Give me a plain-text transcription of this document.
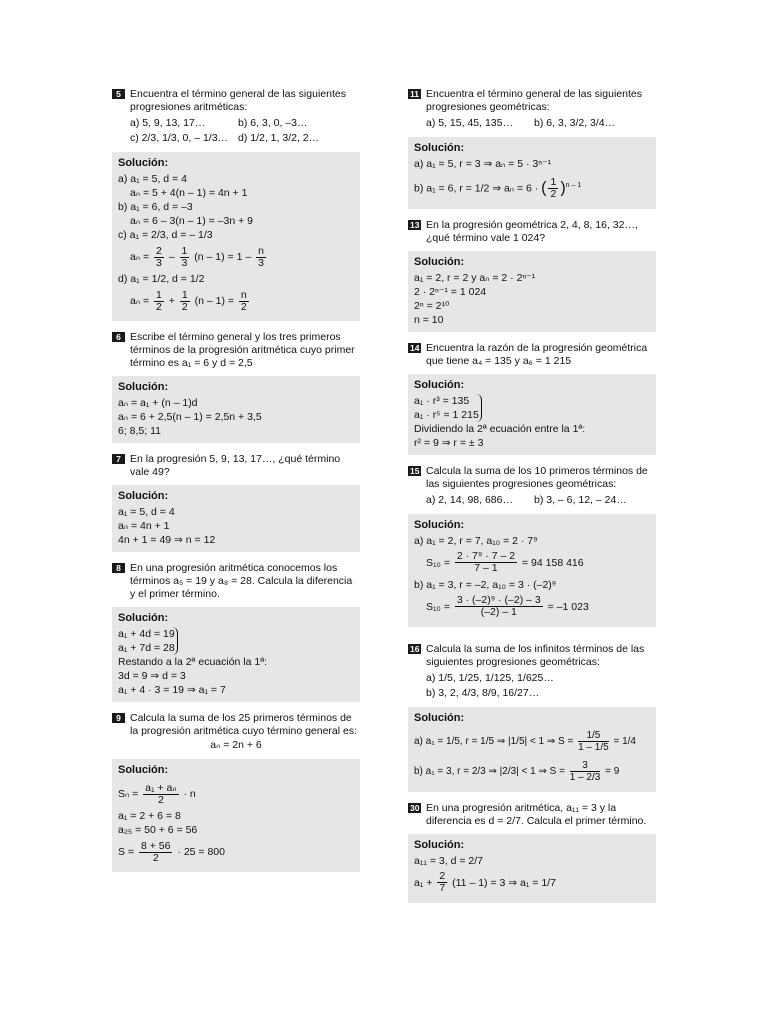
5 Encuentra el término general de las siguientes progresiones aritméticas:
a) 5, 9, 13, 17…	b) 6, 3, 0, –3…
c) 2/3, 1/3, 0, – 1/3… d) 1/2, 1, 3/2, 2…
Solución:
a) a₁ = 5, d = 4
aₙ = 5 + 4(n – 1) = 4n + 1
b) a₁ = 6, d = –3
aₙ = 6 – 3(n – 1) = –3n + 9
c) a₁ = 2/3, d = – 1/3
$a_n = \frac{2}{3} - \frac{1}{3} (n - 1) = 1 - \frac{n}{3}$
d) a₁ = 1/2, d = 1/2
$a_n = \frac{1}{2} + \frac{1}{2} (n - 1) = \frac{n}{2}$
6 Escribe el término general y los tres primeros términos de la progresión aritmética cuyo primer término es a₁ = 6 y d = 2,5
Solución:
aₙ = a₁ + (n – 1)d
aₙ = 6 + 2,5(n – 1) = 2,5n + 3,5
6; 8,5; 11
7 En la progresión 5, 9, 13, 17…, ¿qué término vale 49?
Solución:
a₁ = 5, d = 4
aₙ = 4n + 1
4n + 1 = 49 ⇒ n = 12
8 En una progresión aritmética conocemos los términos a₅ = 19 y a₈ = 28. Calcula la diferencia y el primer término.
Solución:
a₁ + 4d = 19
a₁ + 7d = 28
Restando a la 2ª ecuación la 1ª:
3d = 9 ⇒ d = 3
a₁ + 4 · 3 = 19 ⇒ a₁ = 7
9 Calcula la suma de los 25 primeros términos de la progresión aritmética cuyo término general es:
aₙ = 2n + 6
Solución:
$S_n = \frac{\text{a₁ + aₙ}}{2} \cdot n$
a₁ = 2 + 6 = 8
a₂₅ = 50 + 6 = 56
$S = \frac{8 + 56}{2} \cdot 25 = 800$
11 Encuentra el término general de las siguientes progresiones geométricas:
a) 5, 15, 45, 135…	b) 6, 3, 3/2, 3/4…
Solución:
a) a₁ = 5, r = 3 ⇒ aₙ = 5 · 3ⁿ⁻¹
b) a₁ = 6, r = 1/2 ⇒ aₙ = 6 · ( $\frac{1}{2} )^{n - 1}$
13 En la progresión geométrica 2, 4, 8, 16, 32…, ¿qué término vale 1 024?
Solución:
a₁ = 2, r = 2 y aₙ = 2 · 2ⁿ⁻¹
2 · 2ⁿ⁻¹ = 1 024
2ⁿ = 2¹⁰
n = 10
14 Encuentra la razón de la progresión geométrica que tiene a₄ = 135 y a₆ = 1 215
Solución:
a₁ · r³ = 135
a₁ · r⁵ = 1 215
Dividiendo la 2ª ecuación entre la 1ª:
r² = 9 ⇒ r = ± 3
15 Calcula la suma de los 10 primeros términos de las siguientes progresiones geométricas:
a) 2, 14, 98, 686…	b) 3, – 6, 12, – 24…
Solución:
a) a₁ = 2, r = 7, a₁₀ = 2 · 7⁹
$S_{10} = \frac{\text{2 · 7⁹ · 7 – 2}}{7 - 1} = 94$ 158 416
b) a₁ = 3, r = –2, a₁₀ = 3 · (–2)⁹
$S_{10} = \frac{\text{3 · (–2)⁹ · (–2) – 3}}{(-2) - 1} = -1$ 023
16 Calcula la suma de los infinitos términos de las siguientes progresiones geométricas:
a) 1/5, 1/25, 1/125, 1/625…
b) 3, 2, 4/3, 8/9, 16/27…
Solución:
a) a₁ = 1/5, r = 1/5 ⇒ |1/5| < 1 ⇒ $S = \frac{1/5}{1 - 1/5} = 1/4$
b) a₁ = 3, r = 2/3 ⇒ |2/3| < 1 ⇒ $S = \frac{3}{1 - 2/3} = 9$
30 En una progresión aritmética, a₁₁ = 3 y la diferencia es d = 2/7. Calcula el primer término.
Solución:
a₁₁ = 3, d = 2/7
$a_1 + \frac{2}{7} (11 - 1) = 3$ ⇒ a₁ = 1/7
